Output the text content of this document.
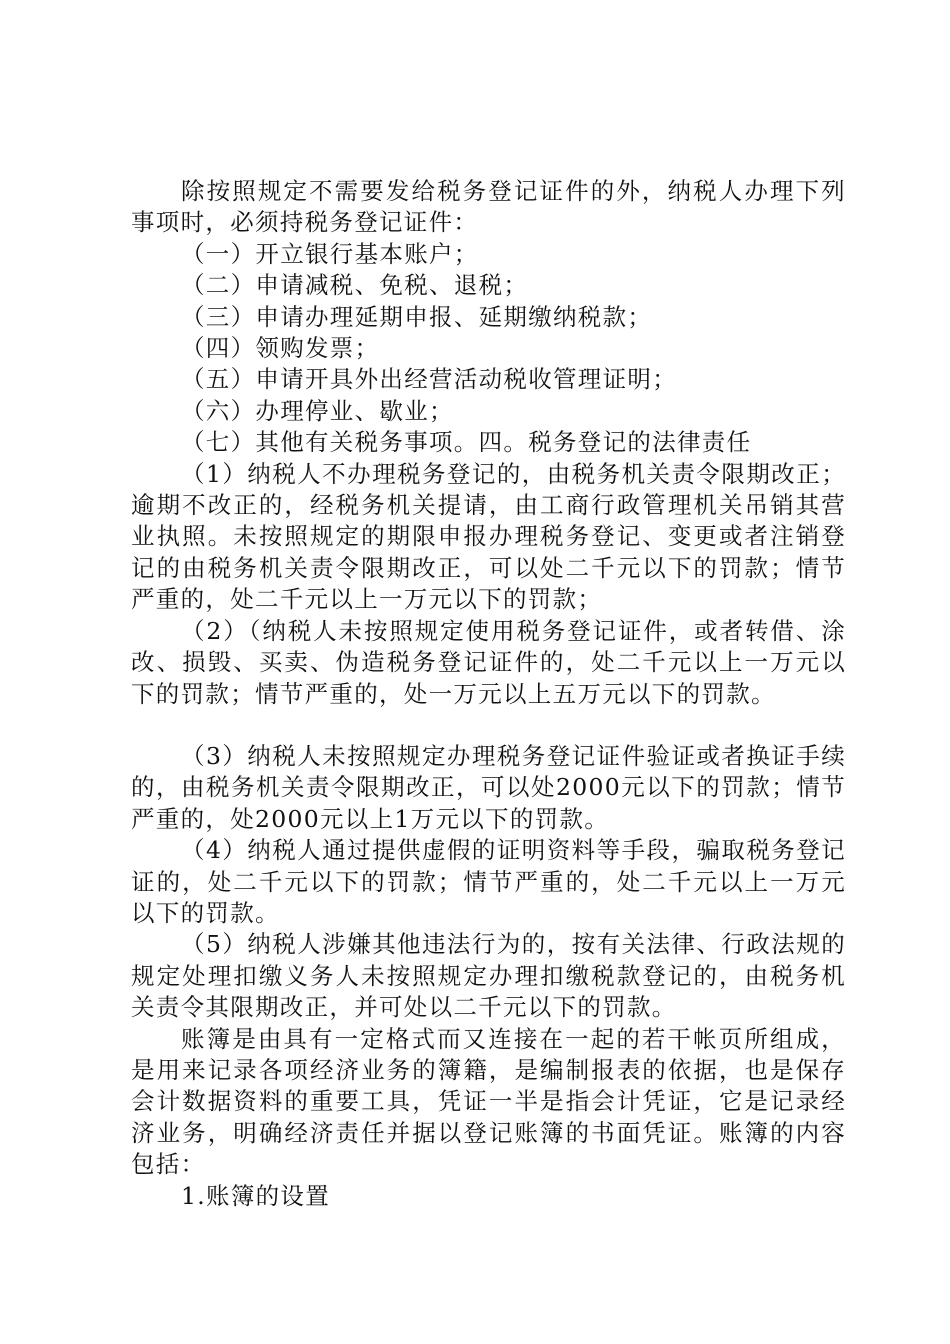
除按照规定不需要发给税务登记证件的外，纳税人办理下列事项时，必须持税务登记证件：

（一）开立银行基本账户；

（二）申请减税、免税、退税；

（三）申请办理延期申报、延期缴纳税款；

（四）领购发票；

（五）申请开具外出经营活动税收管理证明；

（六）办理停业、歇业；

（七）其他有关税务事项。四。税务登记的法律责任

（1）纳税人不办理税务登记的，由税务机关责令限期改正；逾期不改正的，经税务机关提请，由工商行政管理机关吊销其营业执照。未按照规定的期限申报办理税务登记、变更或者注销登记的由税务机关责令限期改正，可以处二千元以下的罚款；情节严重的，处二千元以上一万元以下的罚款；

（2）（纳税人未按照规定使用税务登记证件，或者转借、涂改、损毁、买卖、伪造税务登记证件的，处二千元以上一万元以下的罚款；情节严重的，处一万元以上五万元以下的罚款。

（3）纳税人未按照规定办理税务登记证件验证或者换证手续的，由税务机关责令限期改正，可以处2000元以下的罚款；情节严重的，处2000元以上1万元以下的罚款。

（4）纳税人通过提供虚假的证明资料等手段，骗取税务登记证的，处二千元以下的罚款；情节严重的，处二千元以上一万元以下的罚款。

（5）纳税人涉嫌其他违法行为的，按有关法律、行政法规的规定处理扣缴义务人未按照规定办理扣缴税款登记的，由税务机关责令其限期改正，并可处以二千元以下的罚款。

账簿是由具有一定格式而又连接在一起的若干帐页所组成，是用来记录各项经济业务的簿籍，是编制报表的依据，也是保存会计数据资料的重要工具，凭证一半是指会计凭证，它是记录经济业务，明确经济责任并据以登记账簿的书面凭证。账簿的内容包括：

1.账簿的设置
